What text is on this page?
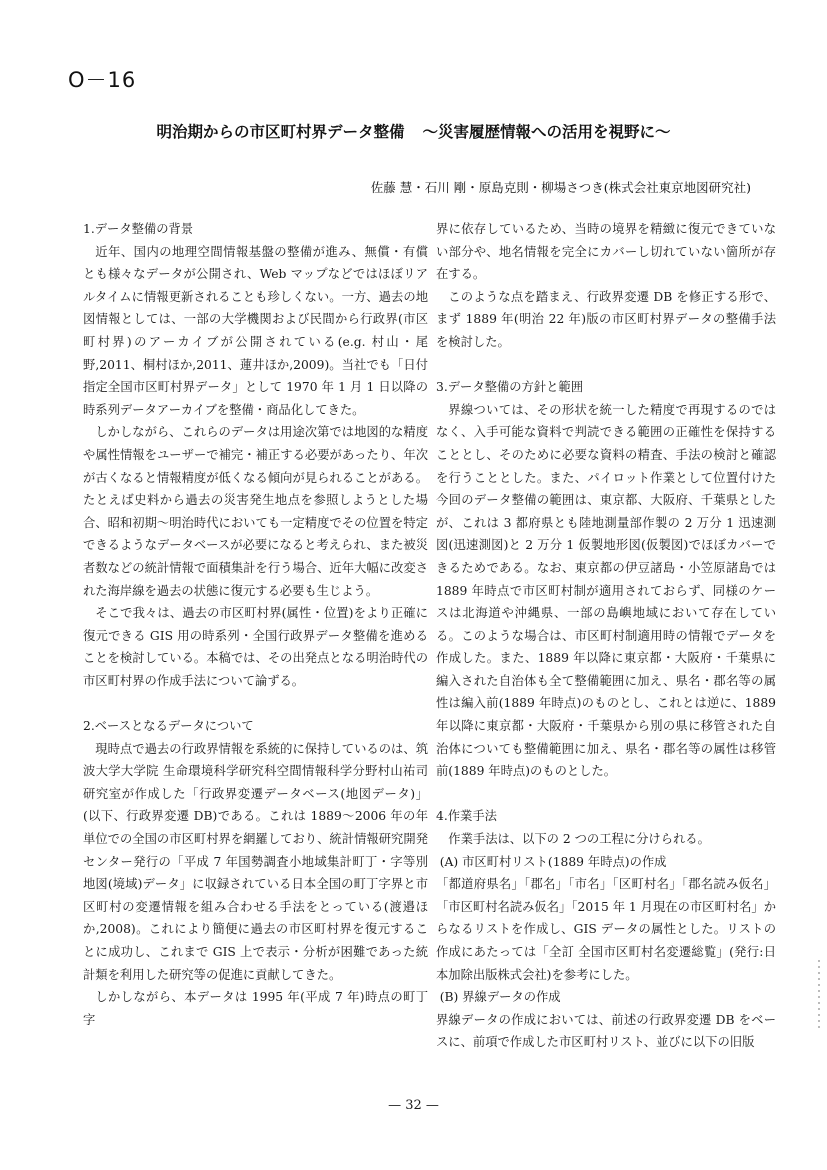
O－16
明治期からの市区町村界データ整備 ～災害履歴情報への活用を視野に～
佐藤 慧・石川 剛・原島克則・柳場さつき(株式会社東京地図研究社)
1.データ整備の背景

近年、国内の地理空間情報基盤の整備が進み、無償・有償とも様々なデータが公開され、Web マップなどではほぼリアルタイムに情報更新されることも珍しくない。一方、過去の地図情報としては、一部の大学機関および民間から行政界(市区町村界)のアーカイブが公開されている(e.g. 村山・尾野,2011、桐村ほか,2011、蓮井ほか,2009)。当社でも「日付指定全国市区町村界データ」として 1970 年 1 月 1 日以降の時系列データアーカイブを整備・商品化してきた。

しかしながら、これらのデータは用途次第では地図的な精度や属性情報をユーザーで補完・補正する必要があったり、年次が古くなると情報精度が低くなる傾向が見られることがある。たとえば史料から過去の災害発生地点を参照しようとした場合、昭和初期～明治時代においても一定精度でその位置を特定できるようなデータベースが必要になると考えられ、また被災者数などの統計情報で面積集計を行う場合、近年大幅に改変された海岸線を過去の状態に復元する必要も生じよう。

そこで我々は、過去の市区町村界(属性・位置)をより正確に復元できる GIS 用の時系列・全国行政界データ整備を進めることを検討している。本稿では、その出発点となる明治時代の市区町村界の作成手法について論ずる。

2.ベースとなるデータについて

現時点で過去の行政界情報を系統的に保持しているのは、筑波大学大学院 生命環境科学研究科空間情報科学分野村山祐司研究室が作成した「行政界変遷データベース(地図データ)」(以下、行政界変遷 DB)である。これは 1889～2006 年の年単位での全国の市区町村界を網羅しており、統計情報研究開発センター発行の「平成 7 年国勢調査小地域集計町丁・字等別地図(境域)データ」に収録されている日本全国の町丁字界と市区町村の変遷情報を組み合わせる手法をとっている(渡邉ほか,2008)。これにより簡便に過去の市区町村界を復元することに成功し、これまで GIS 上で表示・分析が困難であった統計類を利用した研究等の促進に貢献してきた。

しかしながら、本データは 1995 年(平成 7 年)時点の町丁字

界に依存しているため、当時の境界を精緻に復元できていない部分や、地名情報を完全にカバーし切れていない箇所が存在する。

このような点を踏まえ、行政界変遷 DB を修正する形で、まず 1889 年(明治 22 年)版の市区町村界データの整備手法を検討した。

3.データ整備の方針と範囲

界線ついては、その形状を統一した精度で再現するのではなく、入手可能な資料で判読できる範囲の正確性を保持することとし、そのために必要な資料の精査、手法の検討と確認を行うこととした。また、パイロット作業として位置付けた今回のデータ整備の範囲は、東京都、大阪府、千葉県としたが、これは 3 都府県とも陸地測量部作製の 2 万分 1 迅速測図(迅速測図)と 2 万分 1 仮製地形図(仮製図)でほぼカバーできるためである。なお、東京都の伊豆諸島・小笠原諸島では 1889 年時点で市区町村制が適用されておらず、同様のケースは北海道や沖縄県、一部の島嶼地域において存在している。このような場合は、市区町村制適用時の情報でデータを作成した。また、1889 年以降に東京都・大阪府・千葉県に編入された自治体も全て整備範囲に加え、県名・郡名等の属性は編入前(1889 年時点)のものとし、これとは逆に、1889 年以降に東京都・大阪府・千葉県から別の県に移管された自治体についても整備範囲に加え、県名・郡名等の属性は移管前(1889 年時点)のものとした。

4.作業手法

作業手法は、以下の 2 つの工程に分けられる。

(A) 市区町村リスト(1889 年時点)の作成

「都道府県名」「郡名」「市名」「区町村名」「郡名読み仮名」「市区町村名読み仮名」「2015 年 1 月現在の市区町村名」からなるリストを作成し、GIS データの属性とした。リストの作成にあたっては「全訂 全国市区町村名変遷総覧」(発行:日本加除出版株式会社)を参考にした。

(B) 界線データの作成

界線データの作成においては、前述の行政界変遷 DB をベースに、前項で作成した市区町村リスト、並びに以下の旧版

— 32 —
